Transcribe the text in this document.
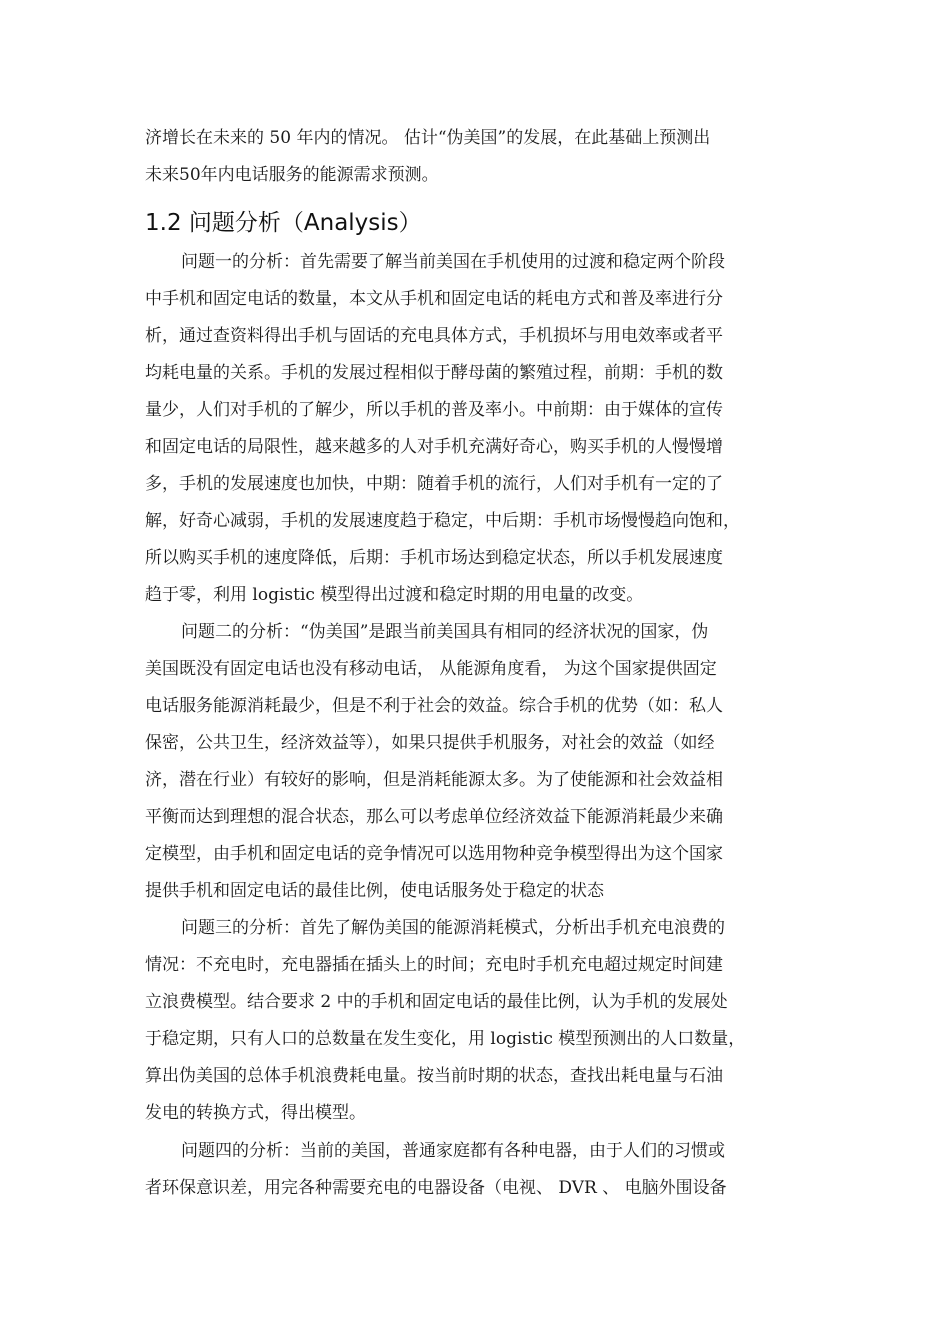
济增长在未来的 50 年内的情况。 估计“伪美国”的发展，在此基础上预测出
未来50年内电话服务的能源需求预测。
1.2 问题分析（Analysis）
问题一的分析：首先需要了解当前美国在手机使用的过渡和稳定两个阶段
中手机和固定电话的数量，本文从手机和固定电话的耗电方式和普及率进行分
析，通过查资料得出手机与固话的充电具体方式，手机损坏与用电效率或者平
均耗电量的关系。手机的发展过程相似于酵母菌的繁殖过程，前期：手机的数
量少，人们对手机的了解少，所以手机的普及率小。中前期：由于媒体的宣传
和固定电话的局限性，越来越多的人对手机充满好奇心，购买手机的人慢慢增
多，手机的发展速度也加快，中期：随着手机的流行，人们对手机有一定的了
解，好奇心减弱，手机的发展速度趋于稳定，中后期：手机市场慢慢趋向饱和，
所以购买手机的速度降低，后期：手机市场达到稳定状态，所以手机发展速度
趋于零，利用 logistic 模型得出过渡和稳定时期的用电量的改变。
问题二的分析：“伪美国”是跟当前美国具有相同的经济状况的国家，伪
美国既没有固定电话也没有移动电话， 从能源角度看， 为这个国家提供固定
电话服务能源消耗最少，但是不利于社会的效益。综合手机的优势（如：私人
保密，公共卫生，经济效益等），如果只提供手机服务，对社会的效益（如经
济，潜在行业）有较好的影响，但是消耗能源太多。为了使能源和社会效益相
平衡而达到理想的混合状态，那么可以考虑单位经济效益下能源消耗最少来确
定模型，由手机和固定电话的竞争情况可以选用物种竞争模型得出为这个国家
提供手机和固定电话的最佳比例，使电话服务处于稳定的状态
问题三的分析：首先了解伪美国的能源消耗模式，分析出手机充电浪费的
情况：不充电时，充电器插在插头上的时间；充电时手机充电超过规定时间建
立浪费模型。结合要求 2 中的手机和固定电话的最佳比例，认为手机的发展处
于稳定期，只有人口的总数量在发生变化，用 logistic 模型预测出的人口数量，
算出伪美国的总体手机浪费耗电量。按当前时期的状态，查找出耗电量与石油
发电的转换方式，得出模型。
问题四的分析：当前的美国，普通家庭都有各种电器，由于人们的习惯或
者环保意识差，用完各种需要充电的电器设备（电视、 DVR 、 电脑外围设备
